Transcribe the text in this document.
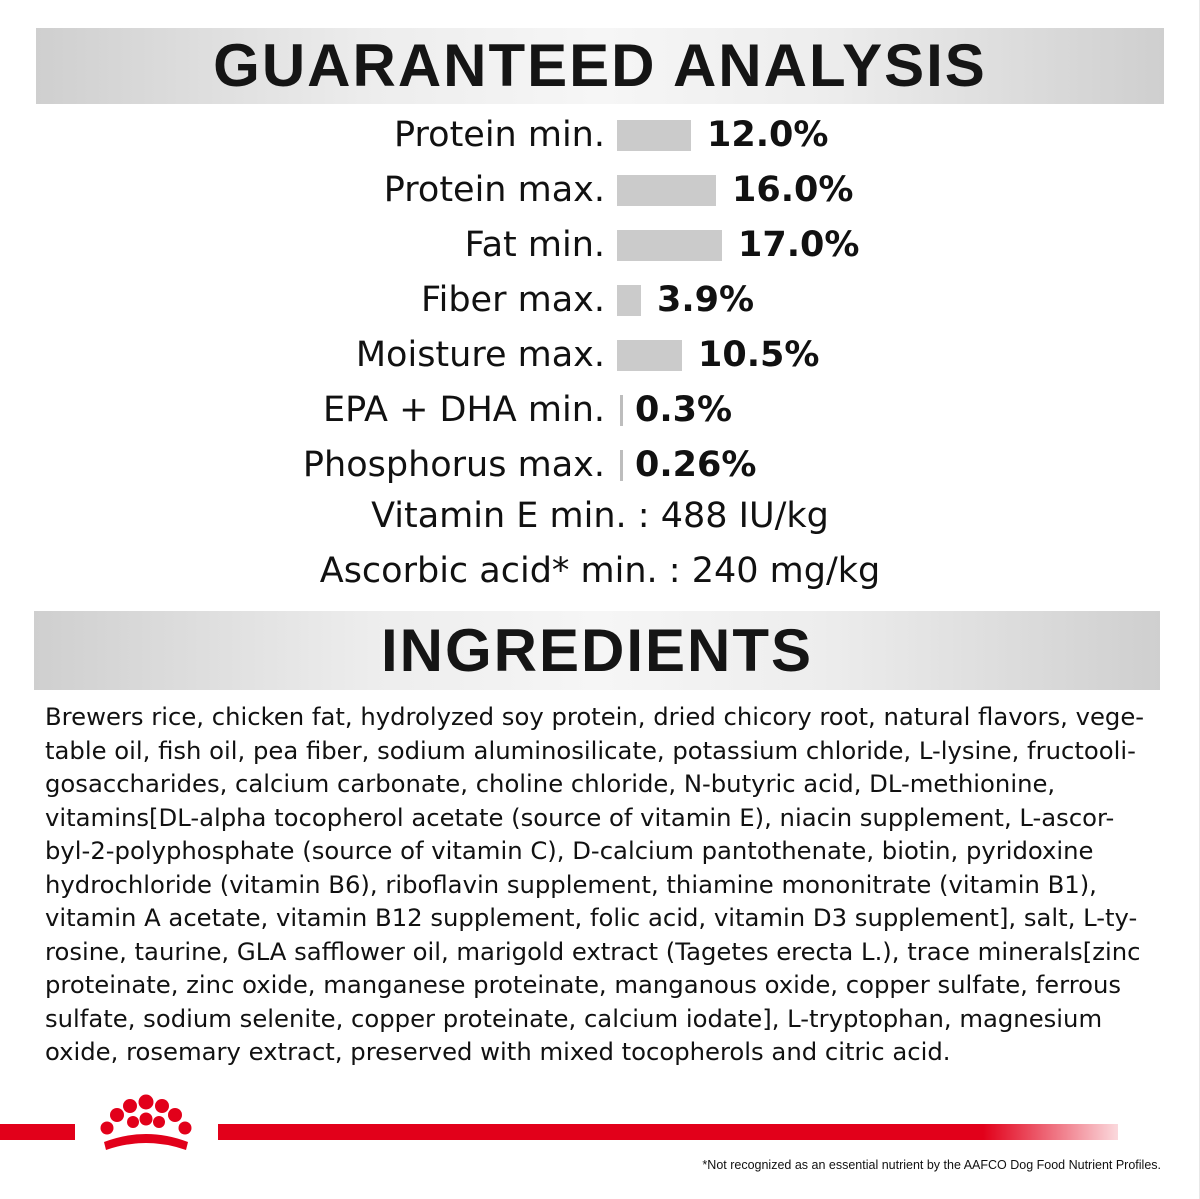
GUARANTEED ANALYSIS
Protein min.	12.0%
Protein max.	16.0%
Fat min.	17.0%
Fiber max. 3.9%
Moisture max.	10.5%
EPA + DHA min. 0.3%
Phosphorus max. 0.26%
Vitamin E min. : 488 IU/kg
Ascorbic acid* min. : 240 mg/kg
INGREDIENTS
Brewers rice, chicken fat, hydrolyzed soy protein, dried chicory root, natural flavors, vege-
table oil, fish oil, pea fiber, sodium aluminosilicate, potassium chloride, L-lysine, fructooli-
gosaccharides, calcium carbonate, choline chloride, N-butyric acid, DL-methionine,
vitamins[DL-alpha tocopherol acetate (source of vitamin E), niacin supplement, L-ascor-
byl-2-polyphosphate (source of vitamin C), D-calcium pantothenate, biotin, pyridoxine
hydrochloride (vitamin B6), riboflavin supplement, thiamine mononitrate (vitamin B1),
vitamin A acetate, vitamin B12 supplement, folic acid, vitamin D3 supplement], salt, L-ty-
rosine, taurine, GLA safflower oil, marigold extract (Tagetes erecta L.), trace minerals[zinc
proteinate, zinc oxide, manganese proteinate, manganous oxide, copper sulfate, ferrous
sulfate, sodium selenite, copper proteinate, calcium iodate], L-tryptophan, magnesium
oxide, rosemary extract, preserved with mixed tocopherols and citric acid.
*Not recognized as an essential nutrient by the AAFCO Dog Food Nutrient Profiles.
